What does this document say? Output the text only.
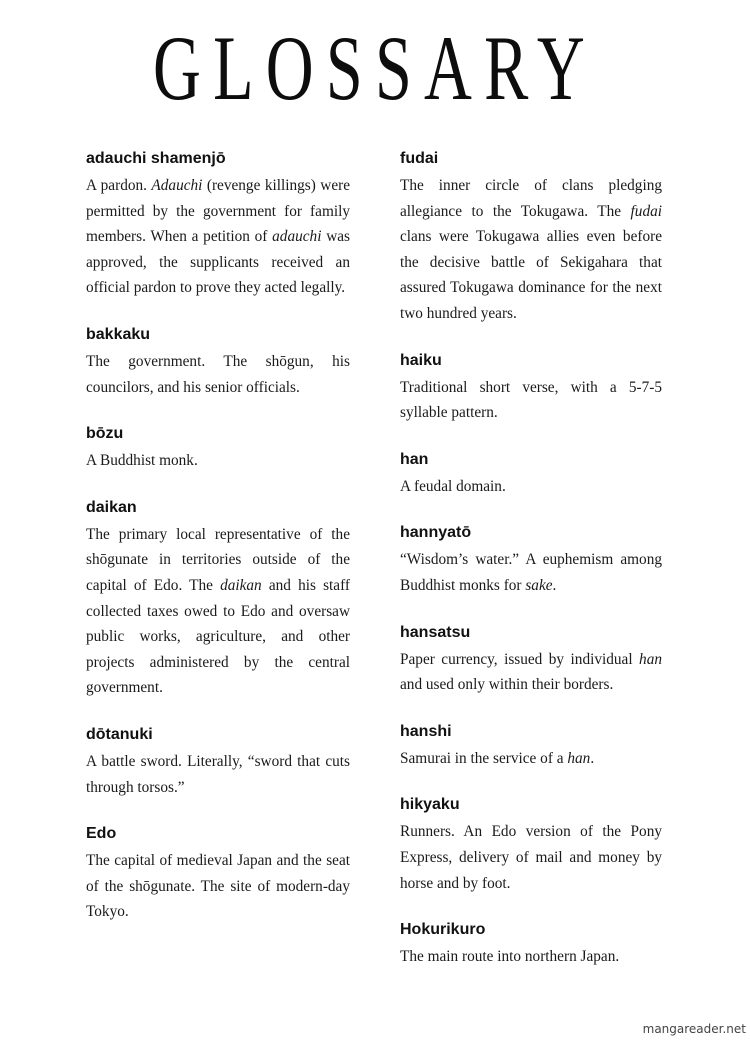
GLOSSARY
adauchi shamenjō
A pardon. Adauchi (revenge killings) were permitted by the government for family members. When a petition of adauchi was approved, the supplicants received an official pardon to prove they acted legally.
bakkaku
The government. The shōgun, his councilors, and his senior officials.
bōzu
A Buddhist monk.
daikan
The primary local representative of the shōgunate in territories outside of the capital of Edo. The daikan and his staff collected taxes owed to Edo and oversaw public works, agriculture, and other projects administered by the central government.
dōtanuki
A battle sword. Literally, “sword that cuts through torsos.”
Edo
The capital of medieval Japan and the seat of the shōgunate. The site of modern-day Tokyo.
fudai
The inner circle of clans pledging allegiance to the Tokugawa. The fudai clans were Tokugawa allies even before the decisive battle of Sekigahara that assured Tokugawa dominance for the next two hundred years.
haiku
Traditional short verse, with a 5-7-5 syllable pattern.
han
A feudal domain.
hannyatō
“Wisdom’s water.” A euphemism among Buddhist monks for sake.
hansatsu
Paper currency, issued by individual han and used only within their borders.
hanshi
Samurai in the service of a han.
hikyaku
Runners. An Edo version of the Pony Express, delivery of mail and money by horse and by foot.
Hokurikuro
The main route into northern Japan.
mangareader.net
